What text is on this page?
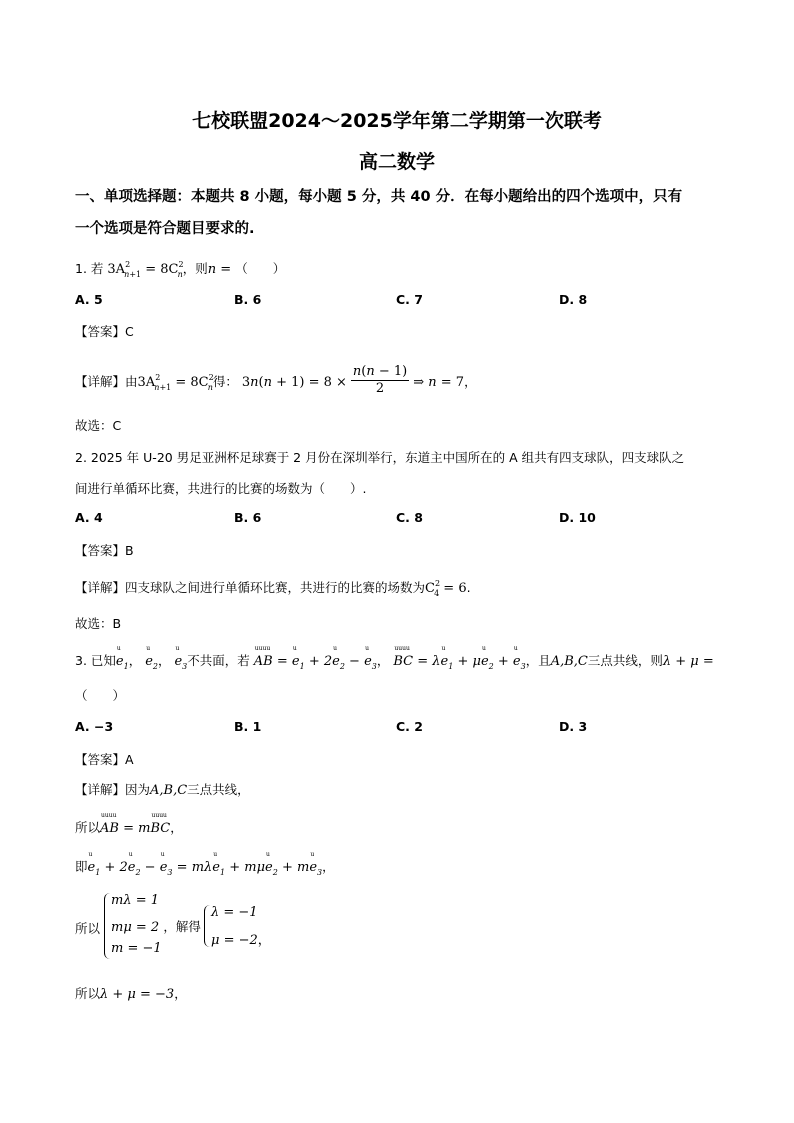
七校联盟2024～2025学年第二学期第一次联考
高二数学
一、单项选择题：本题共 8 小题，每小题 5 分，共 40 分．在每小题给出的四个选项中，只有
一个选项是符合题目要求的.
1. 若 $3A^2_{n+1} = 8C^2_n$，则n = （　　）
A. 5	B. 6	C. 7	D. 8
【答案】C
【详解】由$3A^2_{n+1} = 8C^2_n$得： $3n(n + 1) = 8 \times \frac{n(n - 1)}{2}$ ⇒ n = 7，
故选：C
2. 2025 年 U-20 男足亚洲杯足球赛于 2 月份在深圳举行，东道主中国所在的 A 组共有四支球队，四支球队之
间进行单循环比赛，共进行的比赛的场数为（　　）.
A. 4	B. 6	C. 8	D. 10
【答案】B
【详解】四支球队之间进行单循环比赛，共进行的比赛的场数为$C^2_4 = 6$.
故选：B
3. 已知u $e_1$， u $e_2$， u $e_3$不共面，若 uuuu AB = u $e_1 + 2u$ $e_2 - u$ $e_3$， uuuu BC = λu $e_1 + \mu u$ $e_2 + u$ $e_3$，且A,B,C三点共线，则λ + μ =
（　　）
A. −3	B. 1	C. 2	D. 3
【答案】A
【详解】因为A,B,C三点共线，
所以uuuu AB = muuuu BC，
即u $e_1 + 2u$ $e_2 - u$ $e_3 = m\lambda u$ $e_1 + m\mu u$ $e_2$ + mu $e_3$，
所以
mλ = 1
mμ = 2 ，解得
λ = −1
μ = −2，
m = −1
所以λ + μ = −3，
